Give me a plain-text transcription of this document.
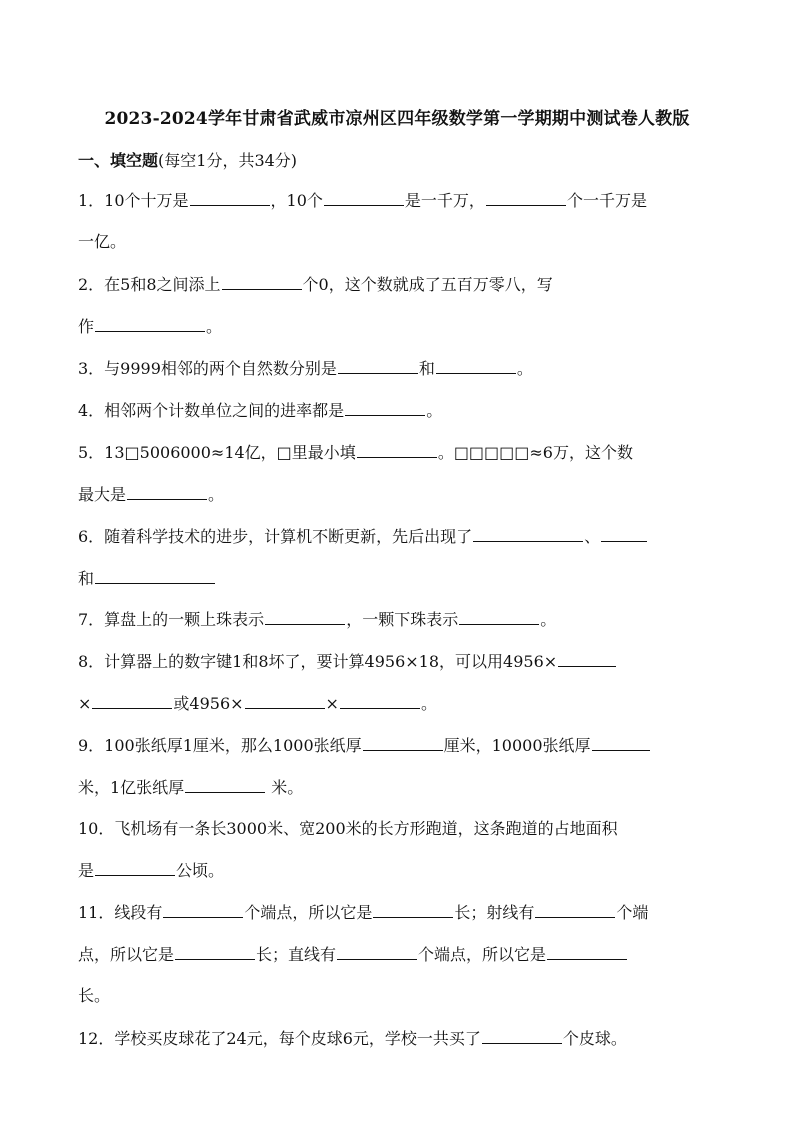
2023-2024学年甘肃省武威市凉州区四年级数学第一学期期中测试卷人教版
一、填空题(每空1分，共34分)
1．10个十万是	，10个	是一千万，	个一千万是
一亿。
2．在5和8之间添上	个0，这个数就成了五百万零八，写
作	。
3．与9999相邻的两个自然数分别是	和	。
4．相邻两个计数单位之间的进率都是	。
5．13□5006000≈14亿，□里最小填	。□□□□□≈6万，这个数
最大是	。
6．随着科学技术的进步，计算机不断更新，先后出现了	、
和
7．算盘上的一颗上珠表示	，一颗下珠表示	。
8．计算器上的数字键1和8坏了，要计算4956×18，可以用4956×
×	或4956×	×	。
9．100张纸厚1厘米，那么1000张纸厚	厘米，10000张纸厚
米，1亿张纸厚	米。
10．飞机场有一条长3000米、宽200米的长方形跑道，这条跑道的占地面积
是	公顷。
11．线段有	个端点，所以它是	长；射线有	个端
点，所以它是	长；直线有	个端点，所以它是
长。
12．学校买皮球花了24元，每个皮球6元，学校一共买了	个皮球。
